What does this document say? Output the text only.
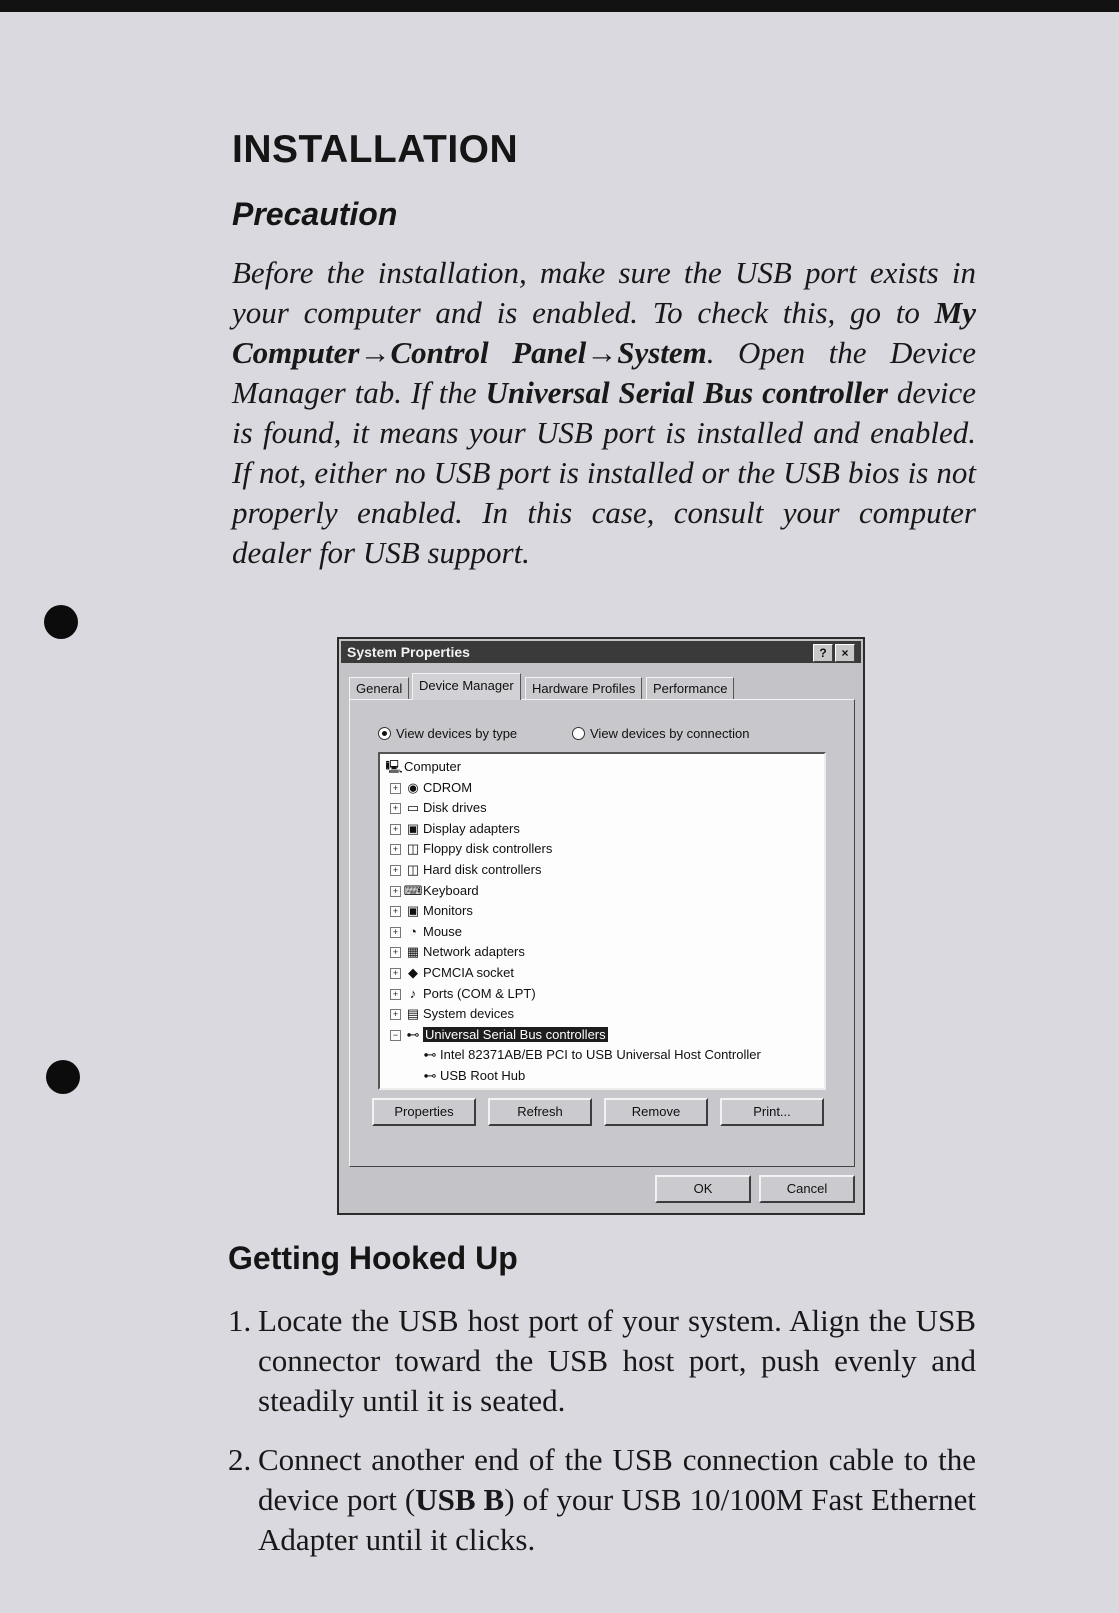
INSTALLATION
Precaution

Before the installation, make sure the USB port exists in your computer and is enabled. To check this, go to My Computer→Control Panel→System. Open the Device Manager tab. If the Universal Serial Bus controller device is found, it means your USB port is installed and enabled. If not, either no USB port is installed or the USB bios is not properly enabled. In this case, consult your computer dealer for USB support.

System Properties	?	×
General	Device Manager	Hardware Profiles	Performance
View devices by type	View devices by connection
🖳Computer
+ ◉ CDROM
+ ▭ Disk drives
+ ▣ Display adapters
+ ◫ Floppy disk controllers
+ ◫ Hard disk controllers
+ ⌨Keyboard
+ ▣ Monitors
+ ◔ Mouse
+ ▦ Network adapters
+ ◆ PCMCIA socket
+ ♪ Ports (COM & LPT)
+ ▤ System devices
− ⊷ Universal Serial Bus controllers
⊷ Intel 82371AB/EB PCI to USB Universal Host Controller
⊷ USB Root Hub
Properties	Refresh	Remove	Print...
OK	Cancel
Getting Hooked Up
1. Locate the USB host port of your system. Align the USB connector toward the USB host port, push evenly and steadily until it is seated.
2. Connect another end of the USB connection cable to the device port (USB B) of your USB 10/100M Fast Ethernet Adapter until it clicks.
